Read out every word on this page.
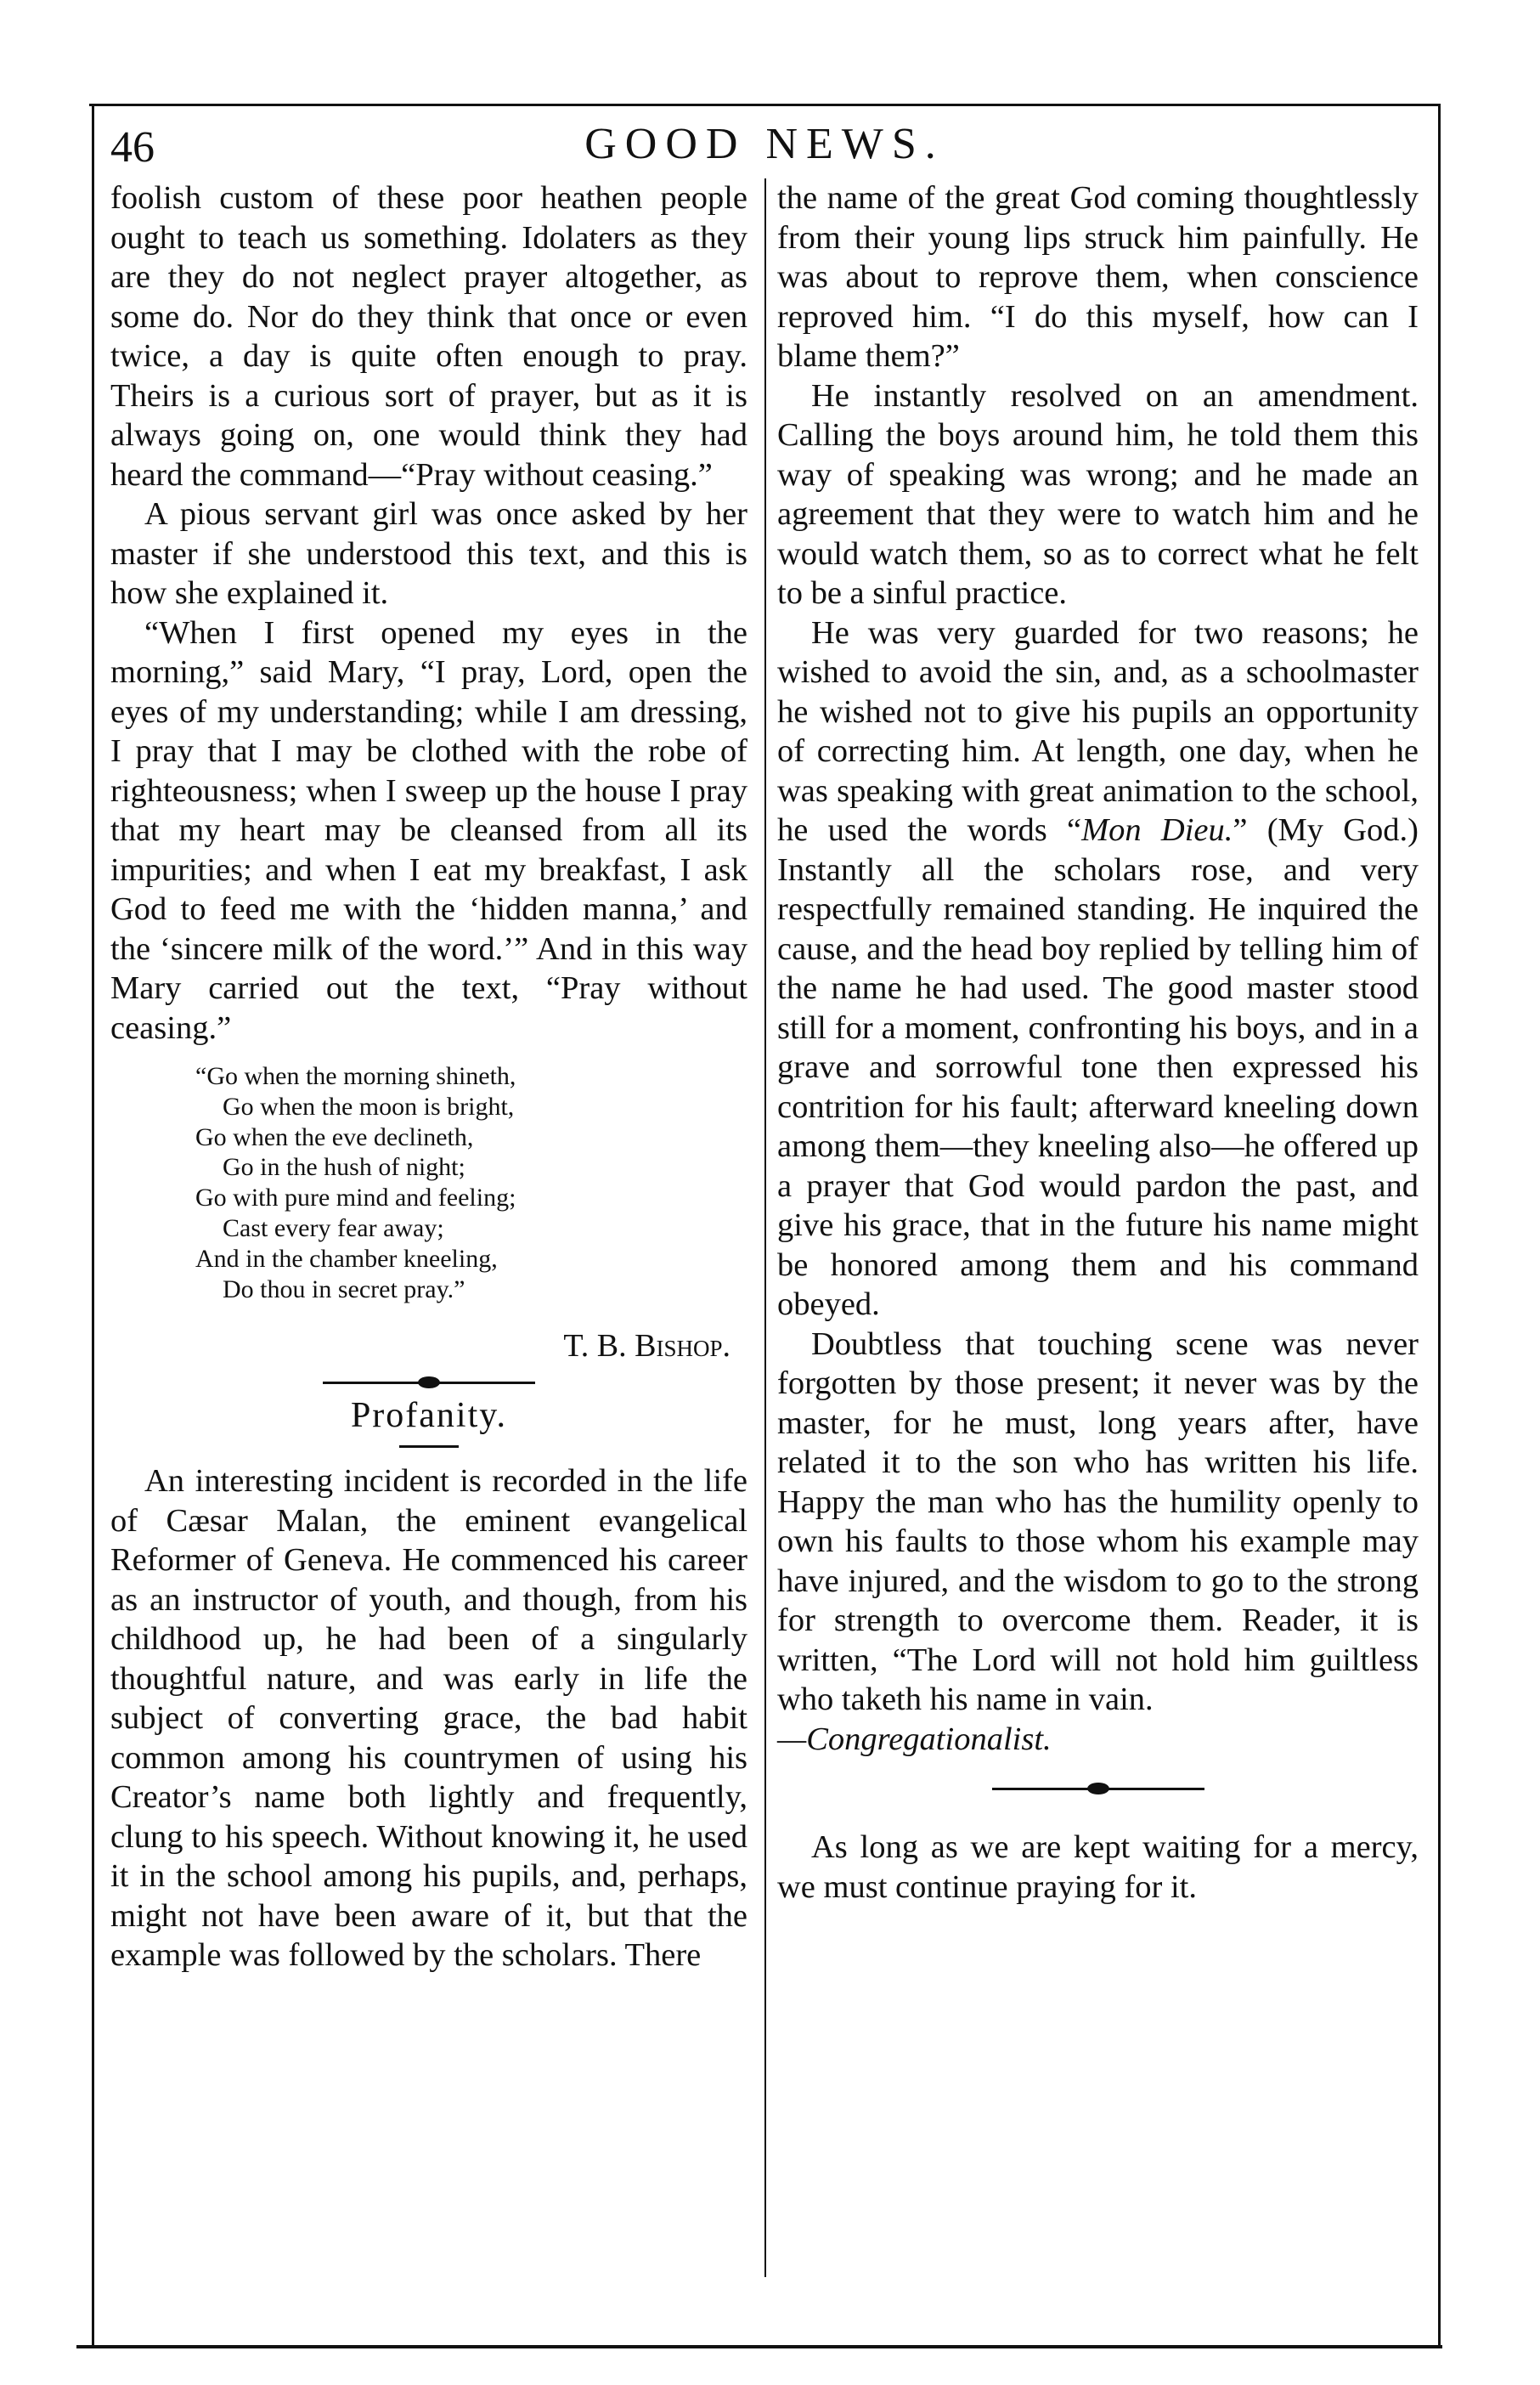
46	GOOD NEWS.

foolish custom of these poor heathen people ought to teach us something. Idolaters as they are they do not neglect prayer altogether, as some do. Nor do they think that once or even twice, a day is quite often enough to pray. Theirs is a curious sort of prayer, but as it is always going on, one would think they had heard the command—“Pray without ceasing.”

A pious servant girl was once asked by her master if she understood this text, and this is how she explained it.

“When I first opened my eyes in the morning,” said Mary, “I pray, Lord, open the eyes of my understanding; while I am dressing, I pray that I may be clothed with the robe of righteousness; when I sweep up the house I pray that my heart may be cleansed from all its impurities; and when I eat my breakfast, I ask God to feed me with the ‘hidden manna,’ and the ‘sincere milk of the word.’” And in this way Mary carried out the text, “Pray without ceasing.”

“Go when the morning shineth,
Go when the moon is bright,
Go when the eve declineth,
Go in the hush of night;
Go with pure mind and feeling;
Cast every fear away;
And in the chamber kneeling,
Do thou in secret pray.”
T. B. Bishop.
Profanity.

An interesting incident is recorded in the life of Cæsar Malan, the eminent evangelical Reformer of Geneva. He commenced his career as an instructor of youth, and though, from his childhood up, he had been of a singularly thoughtful nature, and was early in life the subject of converting grace, the bad habit common among his countrymen of using his Creator’s name both lightly and frequently, clung to his speech. Without knowing it, he used it in the school among his pupils, and, perhaps, might not have been aware of it, but that the example was followed by the scholars. There

the name of the great God coming thoughtlessly from their young lips struck him painfully. He was about to reprove them, when conscience reproved him. “I do this myself, how can I blame them?”

He instantly resolved on an amendment. Calling the boys around him, he told them this way of speaking was wrong; and he made an agreement that they were to watch him and he would watch them, so as to correct what he felt to be a sinful practice.

He was very guarded for two reasons; he wished to avoid the sin, and, as a schoolmaster he wished not to give his pupils an opportunity of correcting him. At length, one day, when he was speaking with great animation to the school, he used the words “Mon Dieu.” (My God.) Instantly all the scholars rose, and very respectfully remained standing. He inquired the cause, and the head boy replied by telling him of the name he had used. The good master stood still for a moment, confronting his boys, and in a grave and sorrowful tone then expressed his contrition for his fault; afterward kneeling down among them—they kneeling also—he offered up a prayer that God would pardon the past, and give his grace, that in the future his name might be honored among them and his command obeyed.

Doubtless that touching scene was never forgotten by those present; it never was by the master, for he must, long years after, have related it to the son who has written his life. Happy the man who has the humility openly to own his faults to those whom his example may have injured, and the wisdom to go to the strong for strength to overcome them. Reader, it is written, “The Lord will not hold him guiltless who taketh his name in vain.
—Congregationalist.

As long as we are kept waiting for a mercy, we must continue praying for it.
